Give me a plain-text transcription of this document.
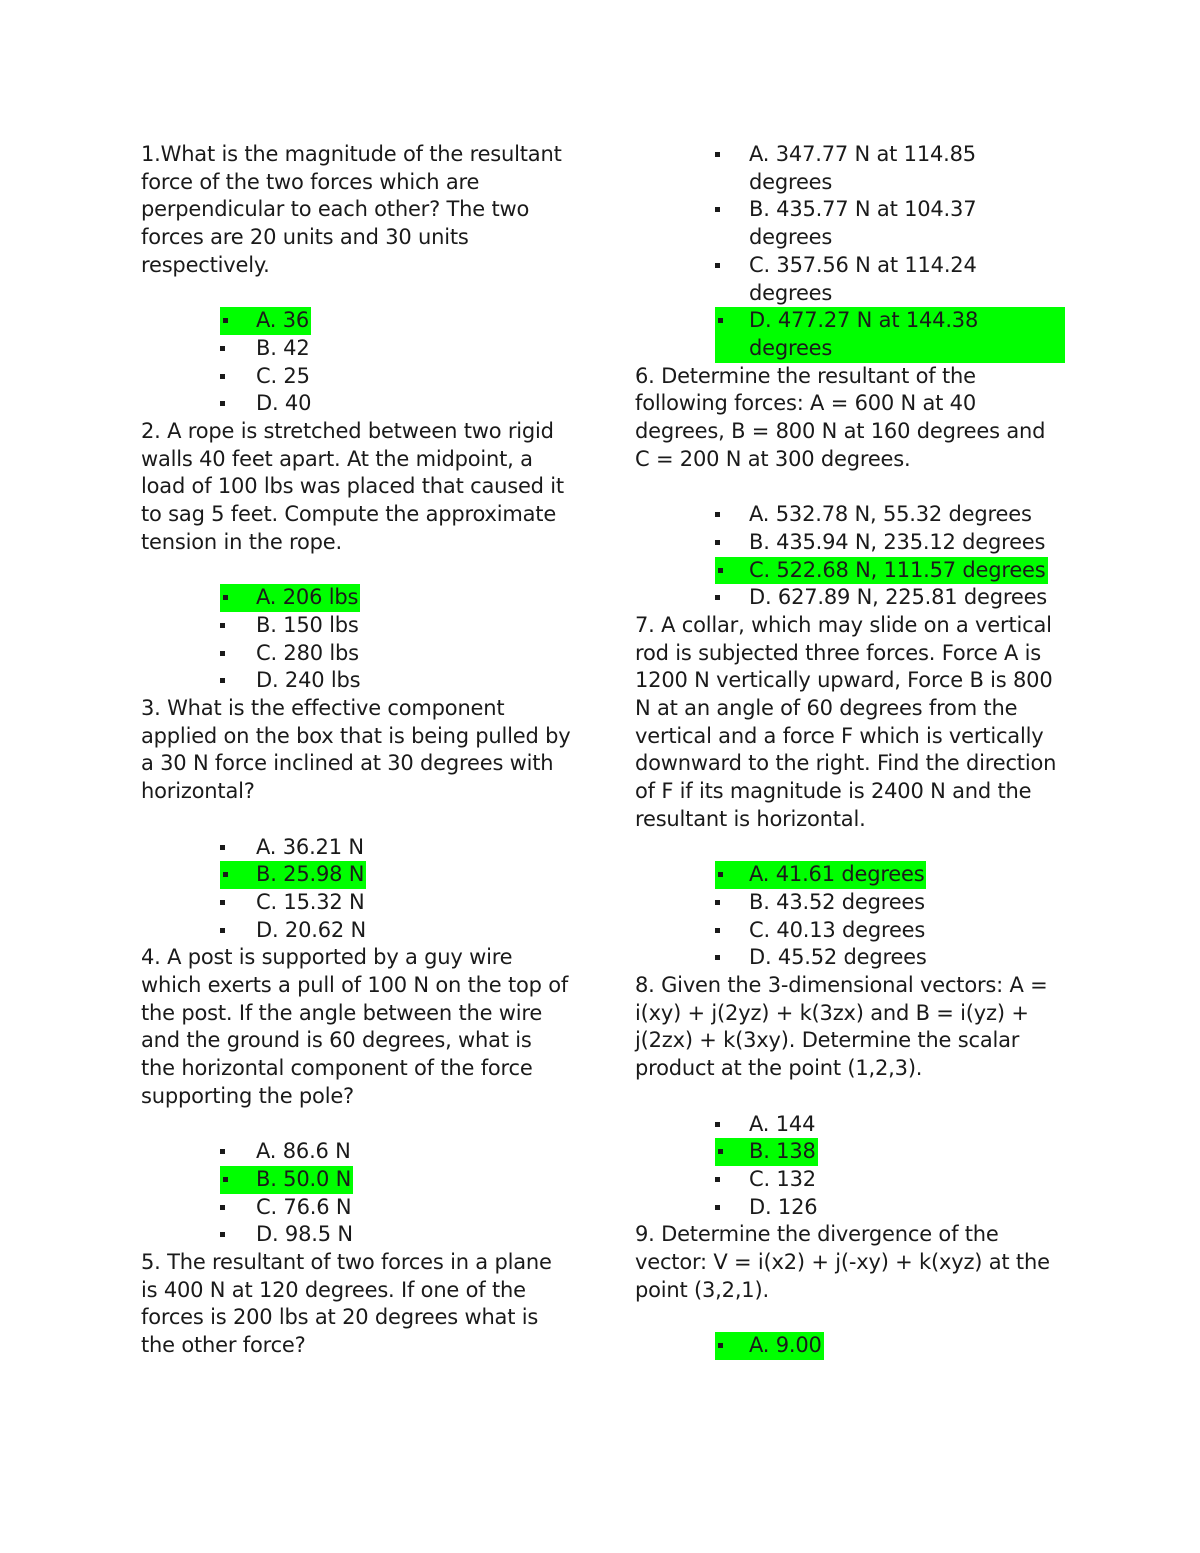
1.What is the magnitude of the resultant force of the two forces which are perpendicular to each other? The two forces are 20 units and 30 units respectively.

A. 36
B. 42
C. 25
D. 40

2. A rope is stretched between two rigid walls 40 feet apart. At the midpoint, a load of 100 lbs was placed that caused it to sag 5 feet. Compute the approximate tension in the rope.

A. 206 lbs
B. 150 lbs
C. 280 lbs
D. 240 lbs

3. What is the effective component applied on the box that is being pulled by a 30 N force inclined at 30 degrees with horizontal?

A. 36.21 N
B. 25.98 N
C. 15.32 N
D. 20.62 N

4. A post is supported by a guy wire which exerts a pull of 100 N on the top of the post. If the angle between the wire and the ground is 60 degrees, what is the horizontal component of the force supporting the pole?

A. 86.6 N
B. 50.0 N
C. 76.6 N
D. 98.5 N

5. The resultant of two forces in a plane is 400 N at 120 degrees. If one of the forces is 200 lbs at 20 degrees what is the other force?

A. 347.77 N at 114.85 degrees
B. 435.77 N at 104.37 degrees
C. 357.56 N at 114.24 degrees
D. 477.27 N at 144.38 degrees

6. Determine the resultant of the following forces: A = 600 N at 40 degrees, B = 800 N at 160 degrees and C = 200 N at 300 degrees.

A. 532.78 N, 55.32 degrees
B. 435.94 N, 235.12 degrees
C. 522.68 N, 111.57 degrees
D. 627.89 N, 225.81 degrees

7. A collar, which may slide on a vertical rod is subjected three forces. Force A is 1200 N vertically upward, Force B is 800 N at an angle of 60 degrees from the vertical and a force F which is vertically downward to the right. Find the direction of F if its magnitude is 2400 N and the resultant is horizontal.

A. 41.61 degrees
B. 43.52 degrees
C. 40.13 degrees
D. 45.52 degrees

8. Given the 3-dimensional vectors: A = i(xy) + j(2yz) + k(3zx) and B = i(yz) + j(2zx) + k(3xy). Determine the scalar product at the point (1,2,3).

A. 144
B. 138
C. 132
D. 126

9. Determine the divergence of the vector: V = i(x2) + j(-xy) + k(xyz) at the point (3,2,1).

A. 9.00
